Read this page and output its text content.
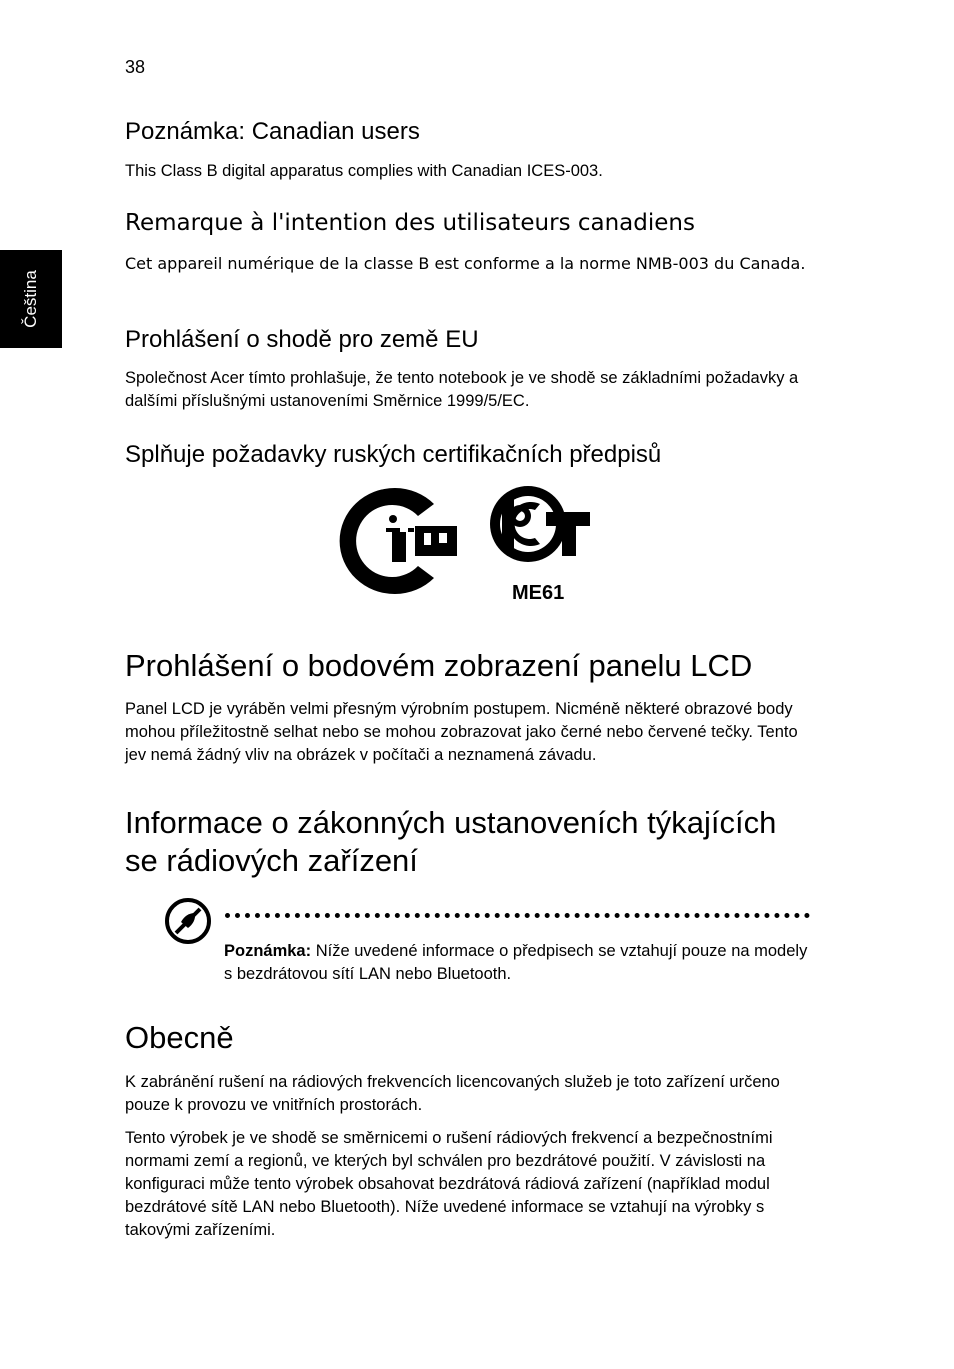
38
Čeština
Poznámka: Canadian users

This Class B digital apparatus complies with Canadian ICES-003.

Remarque à l'intention des utilisateurs canadiens

Cet appareil numérique de la classe B est conforme a la norme NMB-003 du Canada.

Prohlášení o shodě pro země EU

Společnost Acer tímto prohlašuje, že tento notebook je ve shodě se základními požadavky a dalšími příslušnými ustanoveními Směrnice 1999/5/EC.

Splňuje požadavky ruských certifikačních předpisů
ME61
Prohlášení o bodovém zobrazení panelu LCD

Panel LCD je vyráběn velmi přesným výrobním postupem. Nicméně některé obrazové body mohou příležitostně selhat nebo se mohou zobrazovat jako černé nebo červené tečky. Tento jev nemá žádný vliv na obrázek v počítači a neznamená závadu.

Informace o zákonných ustanoveních týkajících
se rádiových zařízení

Poznámka: Níže uvedené informace o předpisech se vztahují pouze na modely s bezdrátovou sítí LAN nebo Bluetooth.

Obecně

K zabránění rušení na rádiových frekvencích licencovaných služeb je toto zařízení určeno pouze k provozu ve vnitřních prostorách.

Tento výrobek je ve shodě se směrnicemi o rušení rádiových frekvencí a bezpečnostními normami zemí a regionů, ve kterých byl schválen pro bezdrátové použití. V závislosti na konfiguraci může tento výrobek obsahovat bezdrátová rádiová zařízení (například modul bezdrátové sítě LAN nebo Bluetooth). Níže uvedené informace se vztahují na výrobky s takovými zařízeními.
